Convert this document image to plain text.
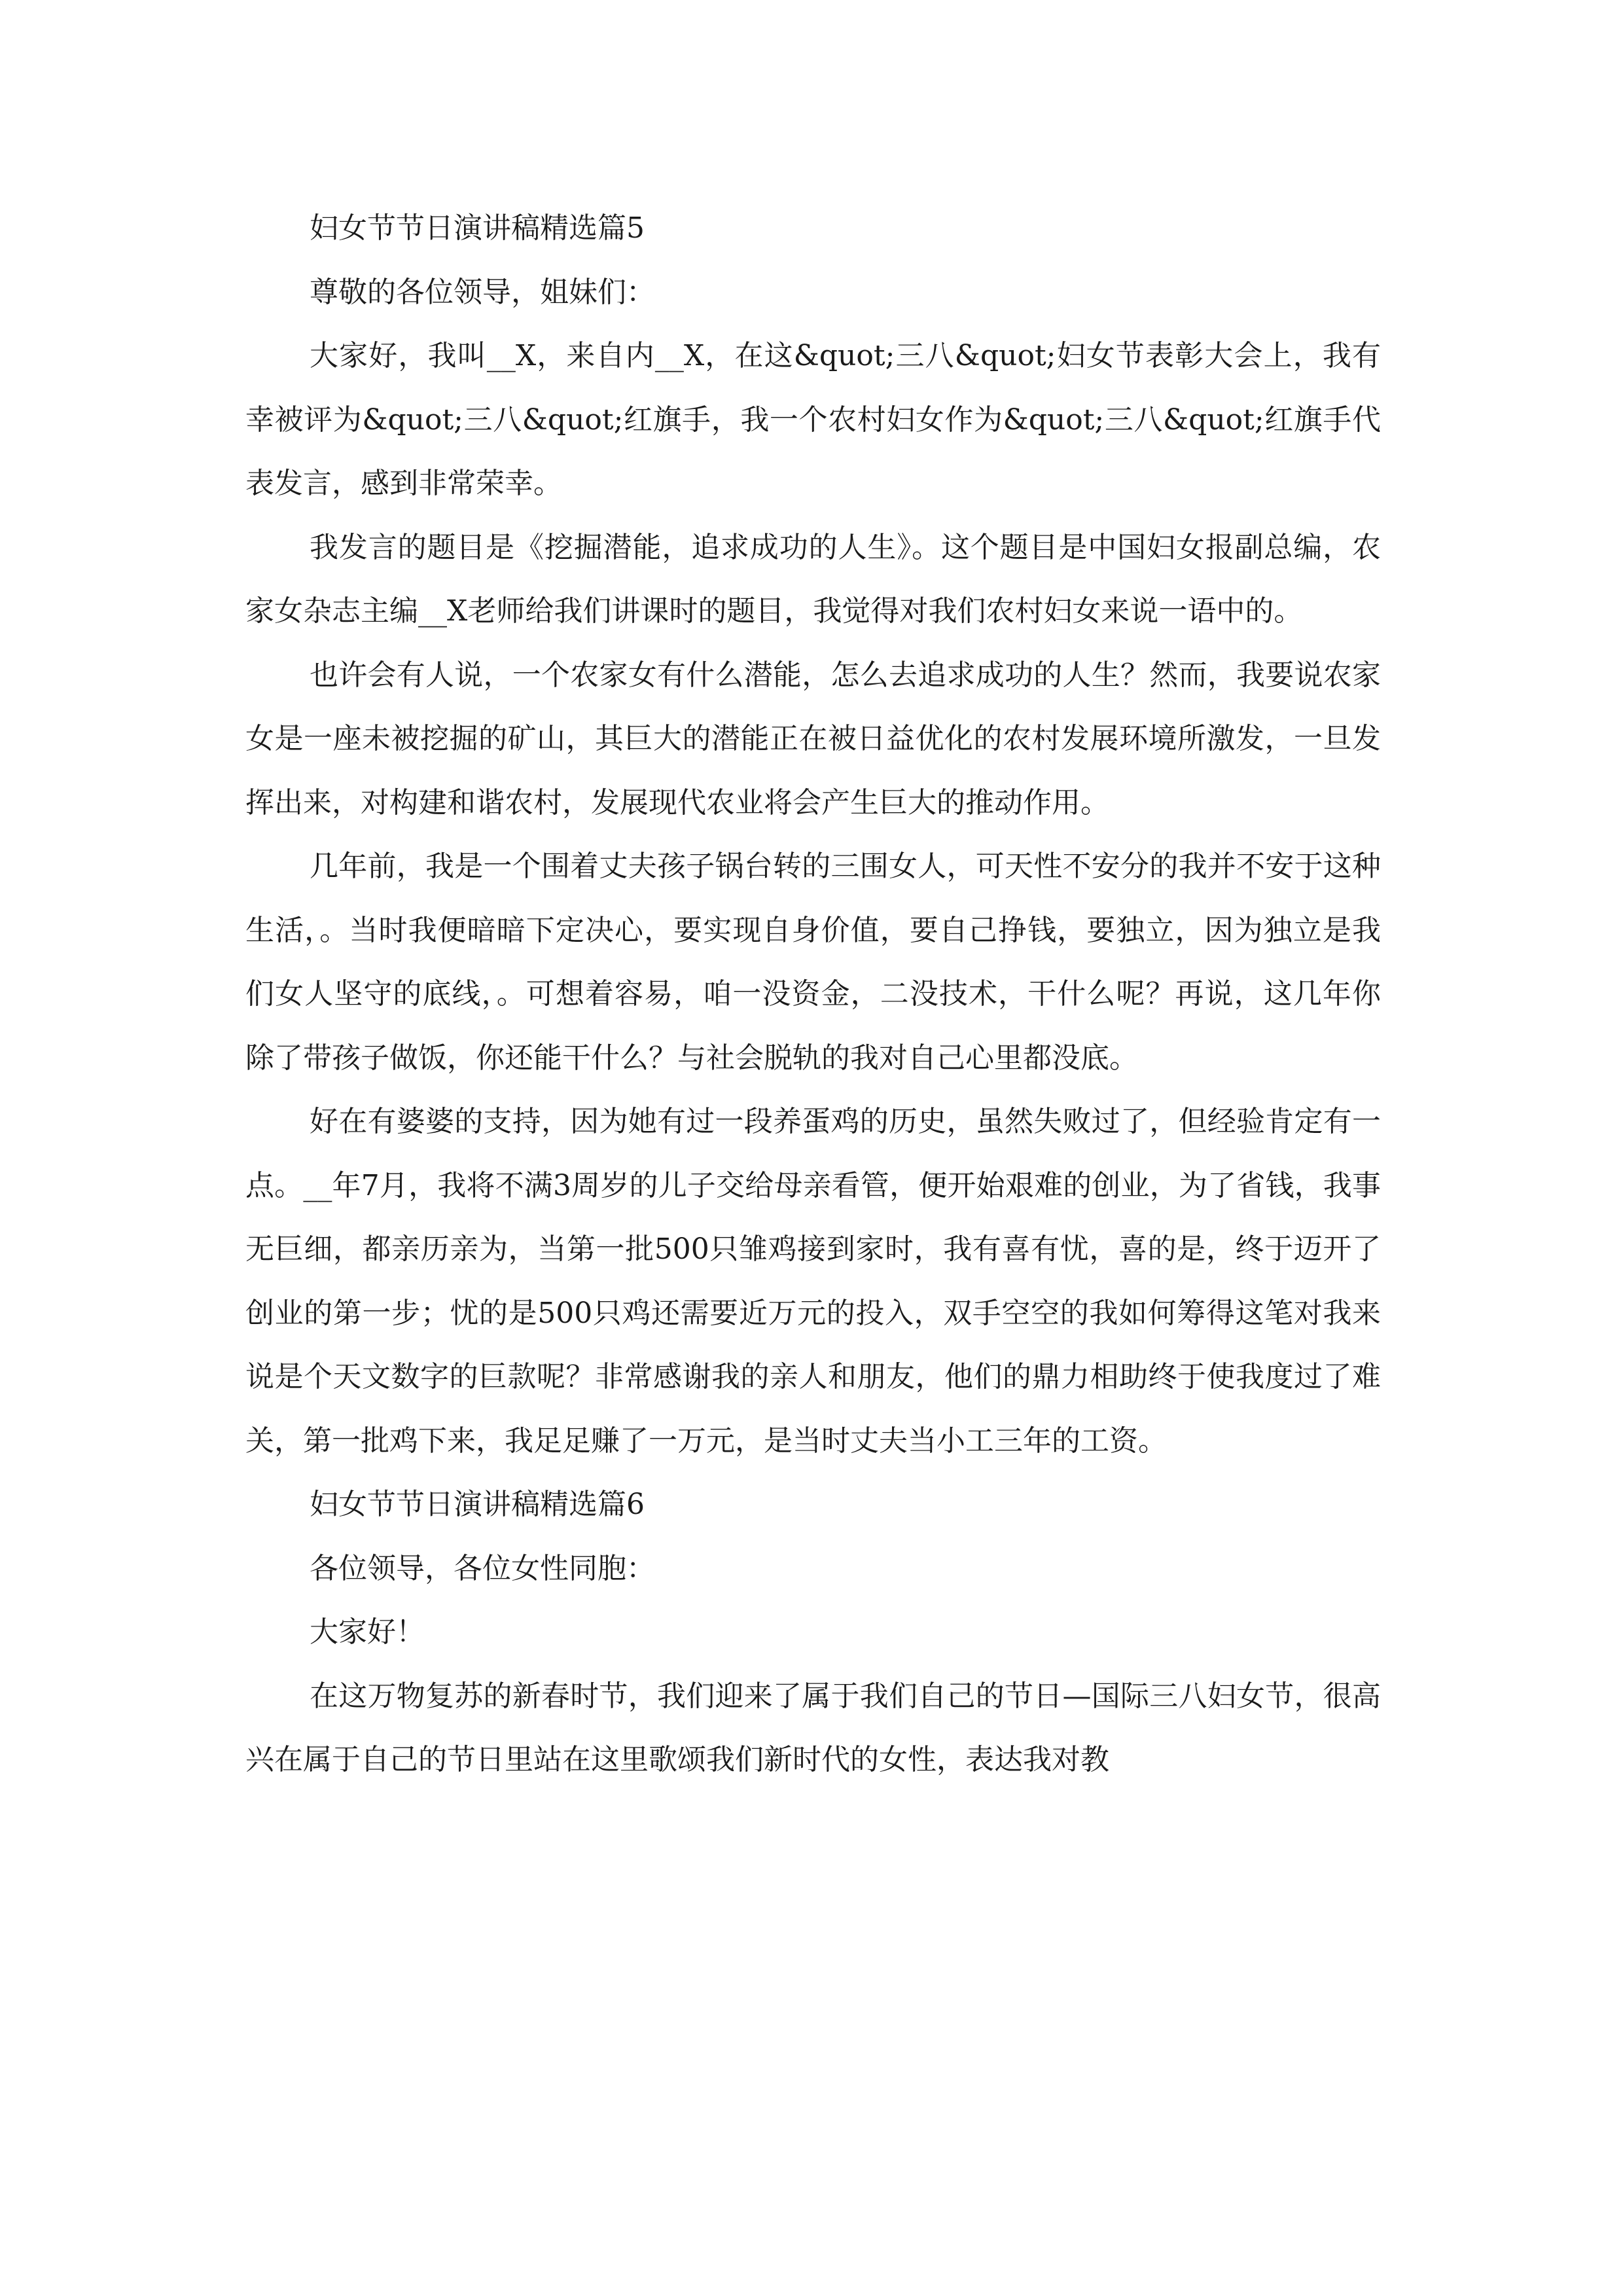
妇女节节日演讲稿精选篇5

尊敬的各位领导，姐妹们：

大家好，我叫__X，来自内__X，在这&quot;三八&quot;妇女节表彰大会上，我有幸被评为&quot;三八&quot;红旗手，我一个农村妇女作为&quot;三八&quot;红旗手代表发言，感到非常荣幸。

我发言的题目是《挖掘潜能，追求成功的人生》。这个题目是中国妇女报副总编，农家女杂志主编__X老师给我们讲课时的题目，我觉得对我们农村妇女来说一语中的。

也许会有人说，一个农家女有什么潜能，怎么去追求成功的人生？然而，我要说农家女是一座未被挖掘的矿山，其巨大的潜能正在被日益优化的农村发展环境所激发，一旦发挥出来，对构建和谐农村，发展现代农业将会产生巨大的推动作用。

几年前，我是一个围着丈夫孩子锅台转的三围女人，可天性不安分的我并不安于这种生活，。当时我便暗暗下定决心，要实现自身价值，要自己挣钱，要独立，因为独立是我们女人坚守的底线，。可想着容易，咱一没资金，二没技术，干什么呢？再说，这几年你除了带孩子做饭，你还能干什么？与社会脱轨的我对自己心里都没底。

好在有婆婆的支持，因为她有过一段养蛋鸡的历史，虽然失败过了，但经验肯定有一点。__年7月，我将不满3周岁的儿子交给母亲看管，便开始艰难的创业，为了省钱，我事无巨细，都亲历亲为，当第一批500只雏鸡接到家时，我有喜有忧，喜的是，终于迈开了创业的第一步；忧的是500只鸡还需要近万元的投入，双手空空的我如何筹得这笔对我来说是个天文数字的巨款呢？非常感谢我的亲人和朋友，他们的鼎力相助终于使我度过了难关，第一批鸡下来，我足足赚了一万元，是当时丈夫当小工三年的工资。

妇女节节日演讲稿精选篇6

各位领导，各位女性同胞：

大家好！

在这万物复苏的新春时节，我们迎来了属于我们自己的节日—国际三八妇女节，很高兴在属于自己的节日里站在这里歌颂我们新时代的女性，表达我对教
